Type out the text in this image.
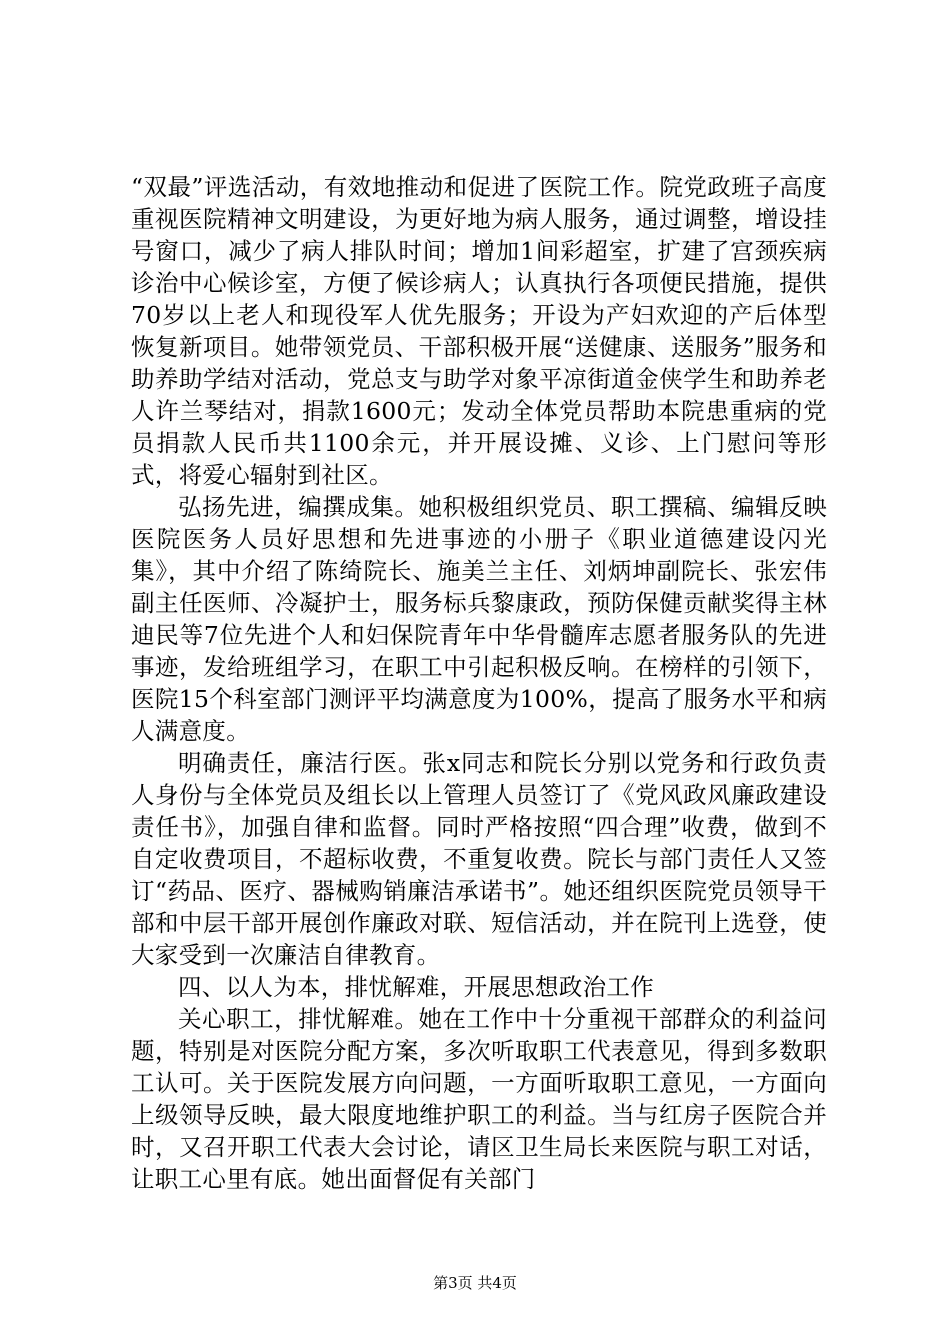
“双最”评选活动，有效地推动和促进了医院工作。院党政班子高度重视医院精神文明建设，为更好地为病人服务，通过调整，增设挂号窗口，减少了病人排队时间；增加1间彩超室，扩建了宫颈疾病诊治中心候诊室，方便了候诊病人；认真执行各项便民措施，提供70岁以上老人和现役军人优先服务；开设为产妇欢迎的产后体型恢复新项目。她带领党员、干部积极开展“送健康、送服务”服务和助养助学结对活动，党总支与助学对象平凉街道金侠学生和助养老人许兰琴结对，捐款1600元；发动全体党员帮助本院患重病的党员捐款人民币共1100余元，并开展设摊、义诊、上门慰问等形式，将爱心辐射到社区。

弘扬先进，编撰成集。她积极组织党员、职工撰稿、编辑反映医院医务人员好思想和先进事迹的小册子《职业道德建设闪光集》，其中介绍了陈绮院长、施美兰主任、刘炳坤副院长、张宏伟副主任医师、冷凝护士，服务标兵黎康政，预防保健贡献奖得主林迪民等7位先进个人和妇保院青年中华骨髓库志愿者服务队的先进事迹，发给班组学习，在职工中引起积极反响。在榜样的引领下，医院15个科室部门测评平均满意度为100%，提高了服务水平和病人满意度。

明确责任，廉洁行医。张x同志和院长分别以党务和行政负责人身份与全体党员及组长以上管理人员签订了《党风政风廉政建设责任书》，加强自律和监督。同时严格按照“四合理”收费，做到不自定收费项目，不超标收费，不重复收费。院长与部门责任人又签订“药品、医疗、器械购销廉洁承诺书”。她还组织医院党员领导干部和中层干部开展创作廉政对联、短信活动，并在院刊上选登，使大家受到一次廉洁自律教育。

四、以人为本，排忧解难，开展思想政治工作

关心职工，排忧解难。她在工作中十分重视干部群众的利益问题，特别是对医院分配方案，多次听取职工代表意见，得到多数职工认可。关于医院发展方向问题，一方面听取职工意见，一方面向上级领导反映，最大限度地维护职工的利益。当与红房子医院合并时，又召开职工代表大会讨论，请区卫生局长来医院与职工对话，让职工心里有底。她出面督促有关部门

第3页 共4页
